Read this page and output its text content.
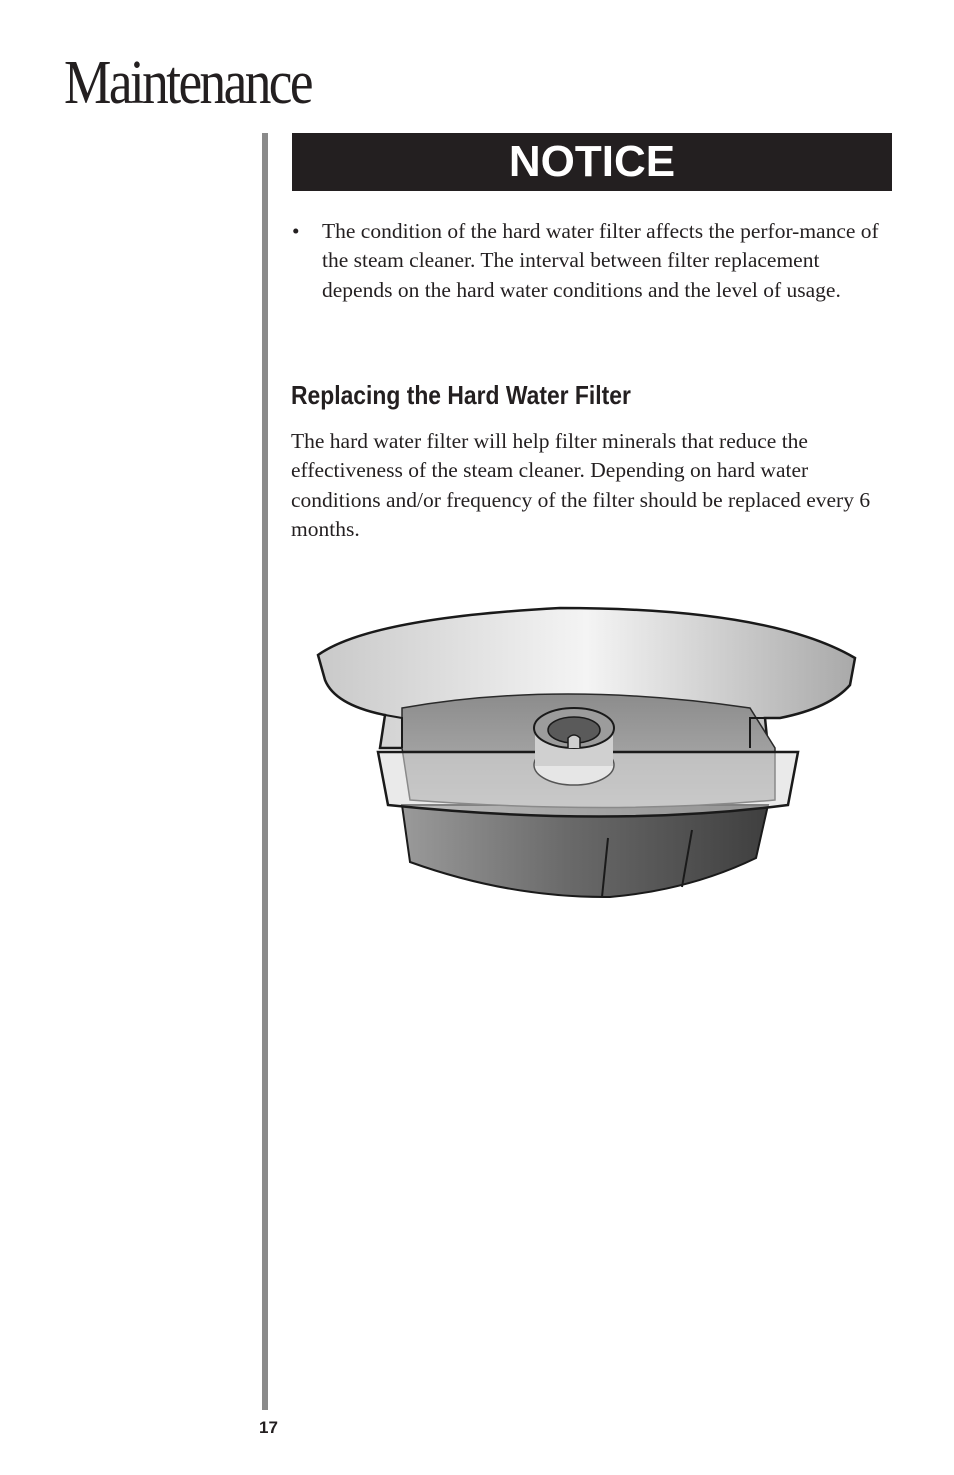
Maintenance
NOTICE
•	The condition of the hard water filter affects the perfor-mance of the steam cleaner. The interval between filter replacement depends on the hard water conditions and the level of usage.
Replacing the Hard Water Filter

The hard water filter will help filter minerals that reduce the effectiveness of the steam cleaner. Depending on hard water conditions and/or frequency of the filter should be replaced every 6 months.

17
